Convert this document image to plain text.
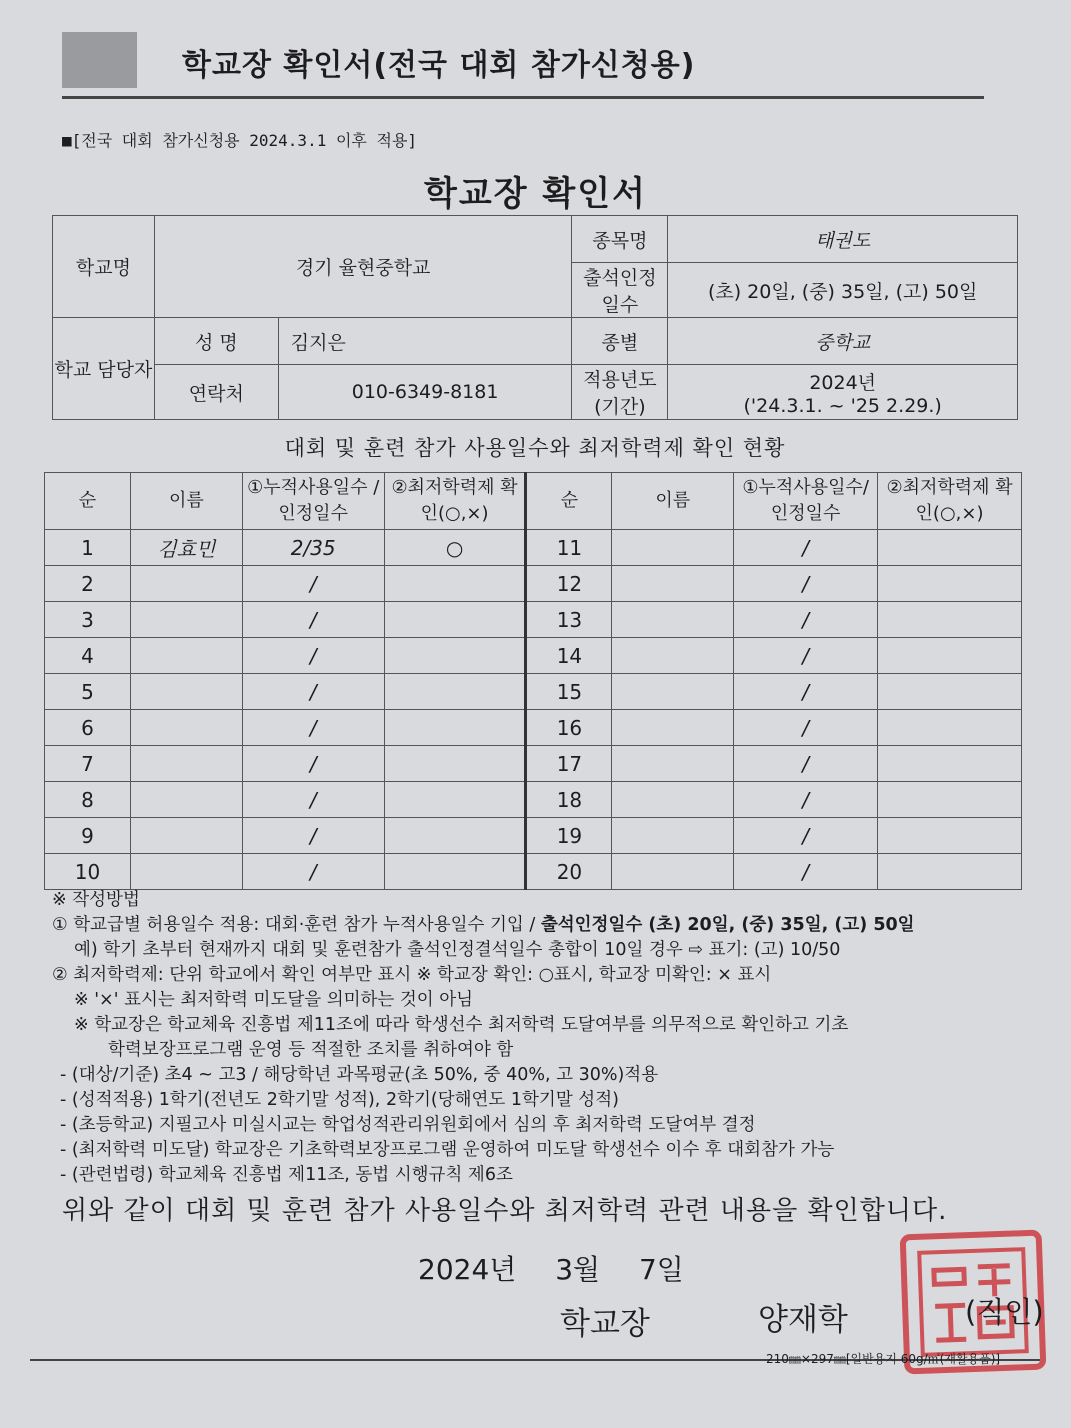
학교장 확인서(전국 대회 참가신청용)
■[전국 대회 참가신청용 2024.3.1 이후 적용]
학교장 확인서
학교명	경기 율현중학교		종목명	태권도
			출석인정 일수	(초) 20일, (중) 35일, (고) 50일
학교 담당자	성 명	김지은	종별	중학교
	연락처	010-6349-8181	적용년도 (기간)	2024년
('24.3.1. ~ '25 2.29.)
대회 및 훈련 참가 사용일수와 최저학력제 확인 현황
순	이름	①누적사용일수 /인정일수	②최저학력제 확인(○,×)	순	이름	①누적사용일수/인정일수	②최저학력제 확인(○,×)
1	김효민	2/35	○	11		/	
2		/		12		/	
3		/		13		/	
4		/		14		/	
5		/		15		/	
6		/		16		/	
7		/		17		/	
8		/		18		/	
9		/		19		/	
10		/		20		/	
※ 작성방법
① 학교급별 허용일수 적용: 대회·훈련 참가 누적사용일수 기입 / 출석인정일수 (초) 20일, (중) 35일, (고) 50일
예) 학기 초부터 현재까지 대회 및 훈련참가 출석인정결석일수 총합이 10일 경우 ⇨ 표기: (고) 10/50
② 최저학력제: 단위 학교에서 확인 여부만 표시 ※ 학교장 확인: ○표시, 학교장 미확인: × 표시
※ '×' 표시는 최저학력 미도달을 의미하는 것이 아님
※ 학교장은 학교체육 진흥법 제11조에 따라 학생선수 최저학력 도달여부를 의무적으로 확인하고 기초
학력보장프로그램 운영 등 적절한 조치를 취하여야 함
- (대상/기준) 초4 ~ 고3 / 해당학년 과목평균(초 50%, 중 40%, 고 30%)적용
- (성적적용) 1학기(전년도 2학기말 성적), 2학기(당해연도 1학기말 성적)
- (초등학교) 지필고사 미실시교는 학업성적관리위원회에서 심의 후 최저학력 도달여부 결정
- (최저학력 미도달) 학교장은 기초학력보장프로그램 운영하여 미도달 학생선수 이수 후 대회참가 가능
- (관련법령) 학교체육 진흥법 제11조, 동법 시행규칙 제6조
위와 같이 대회 및 훈련 참가 사용일수와 최저학력 관련 내용을 확인합니다.
2024년 3월 7일
학교장	양재학	(직인)
210㎜×297㎜[일반용지 60g/㎡(재활용품)]
